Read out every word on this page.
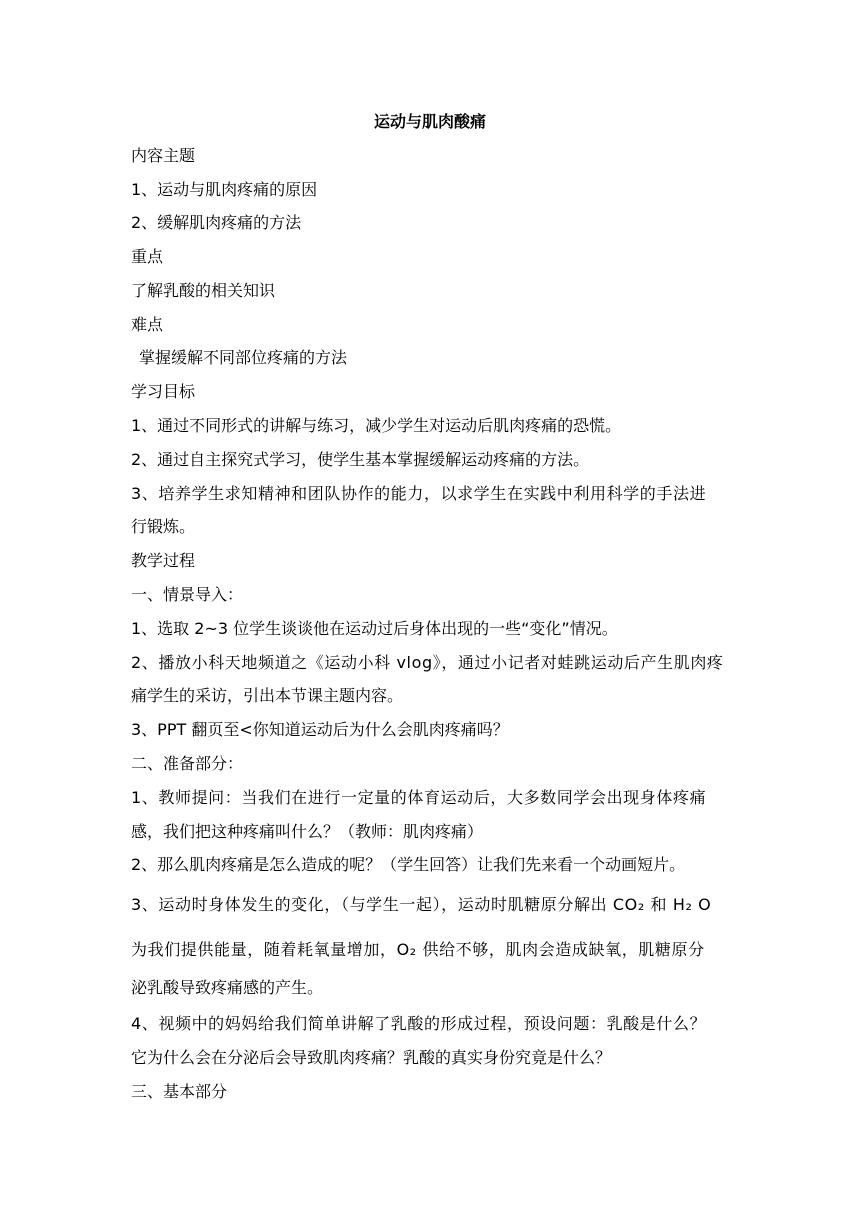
运动与肌肉酸痛
内容主题
1、运动与肌肉疼痛的原因
2、缓解肌肉疼痛的方法
重点
了解乳酸的相关知识
难点
掌握缓解不同部位疼痛的方法
学习目标
1、通过不同形式的讲解与练习，减少学生对运动后肌肉疼痛的恐慌。
2、通过自主探究式学习，使学生基本掌握缓解运动疼痛的方法。
3、培养学生求知精神和团队协作的能力，以求学生在实践中利用科学的手法进
行锻炼。
教学过程
一、情景导入：
1、选取 2~3 位学生谈谈他在运动过后身体出现的一些“变化”情况。
2、播放小科天地频道之《运动小科 vlog》，通过小记者对蛙跳运动后产生肌肉疼
痛学生的采访，引出本节课主题内容。
3、PPT 翻页至<你知道运动后为什么会肌肉疼痛吗？
二、准备部分：
1、教师提问：当我们在进行一定量的体育运动后，大多数同学会出现身体疼痛
感，我们把这种疼痛叫什么？（教师：肌肉疼痛）
2、那么肌肉疼痛是怎么造成的呢？（学生回答）让我们先来看一个动画短片。
3、运动时身体发生的变化，（与学生一起），运动时肌糖原分解出 CO₂ 和 H₂ O
为我们提供能量，随着耗氧量增加，O₂ 供给不够，肌肉会造成缺氧，肌糖原分
泌乳酸导致疼痛感的产生。
4、视频中的妈妈给我们简单讲解了乳酸的形成过程，预设问题：乳酸是什么？
它为什么会在分泌后会导致肌肉疼痛？乳酸的真实身份究竟是什么？
三、基本部分
